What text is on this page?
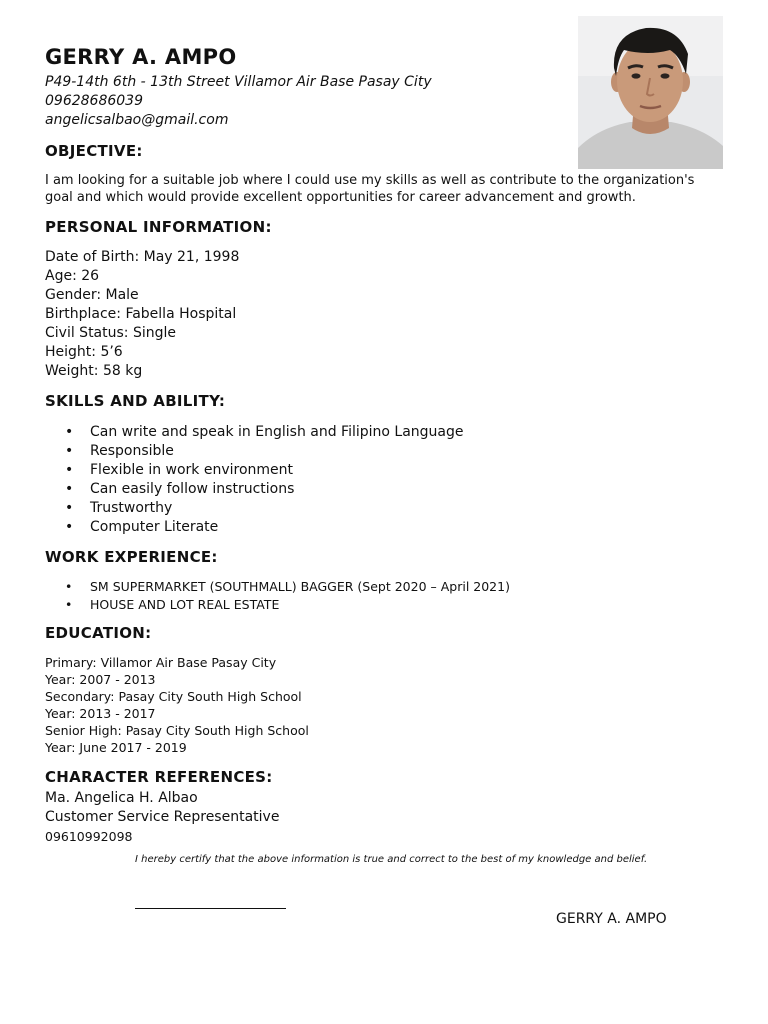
GERRY A. AMPO
P49-14th 6th - 13th Street Villamor Air Base Pasay City
09628686039
angelicsalbao@gmail.com
OBJECTIVE:

I am looking for a suitable job where I could use my skills as well as contribute to the organization's goal and which would provide excellent opportunities for career advancement and growth.

PERSONAL INFORMATION:
Date of Birth: May 21, 1998
Age: 26
Gender: Male
Birthplace: Fabella Hospital
Civil Status: Single
Height: 5’6
Weight: 58 kg
SKILLS AND ABILITY:
• Can write and speak in English and Filipino Language
• Responsible
• Flexible in work environment
• Can easily follow instructions
• Trustworthy
• Computer Literate
WORK EXPERIENCE:
• SM SUPERMARKET (SOUTHMALL) BAGGER (Sept 2020 – April 2021)
• HOUSE AND LOT REAL ESTATE
EDUCATION:
Primary: Villamor Air Base Pasay City
Year: 2007 - 2013
Secondary: Pasay City South High School
Year: 2013 - 2017
Senior High: Pasay City South High School
Year: June 2017 - 2019
CHARACTER REFERENCES:
Ma. Angelica H. Albao
Customer Service Representative
09610992098
I hereby certify that the above information is true and correct to the best of my knowledge and belief.
GERRY A. AMPO
